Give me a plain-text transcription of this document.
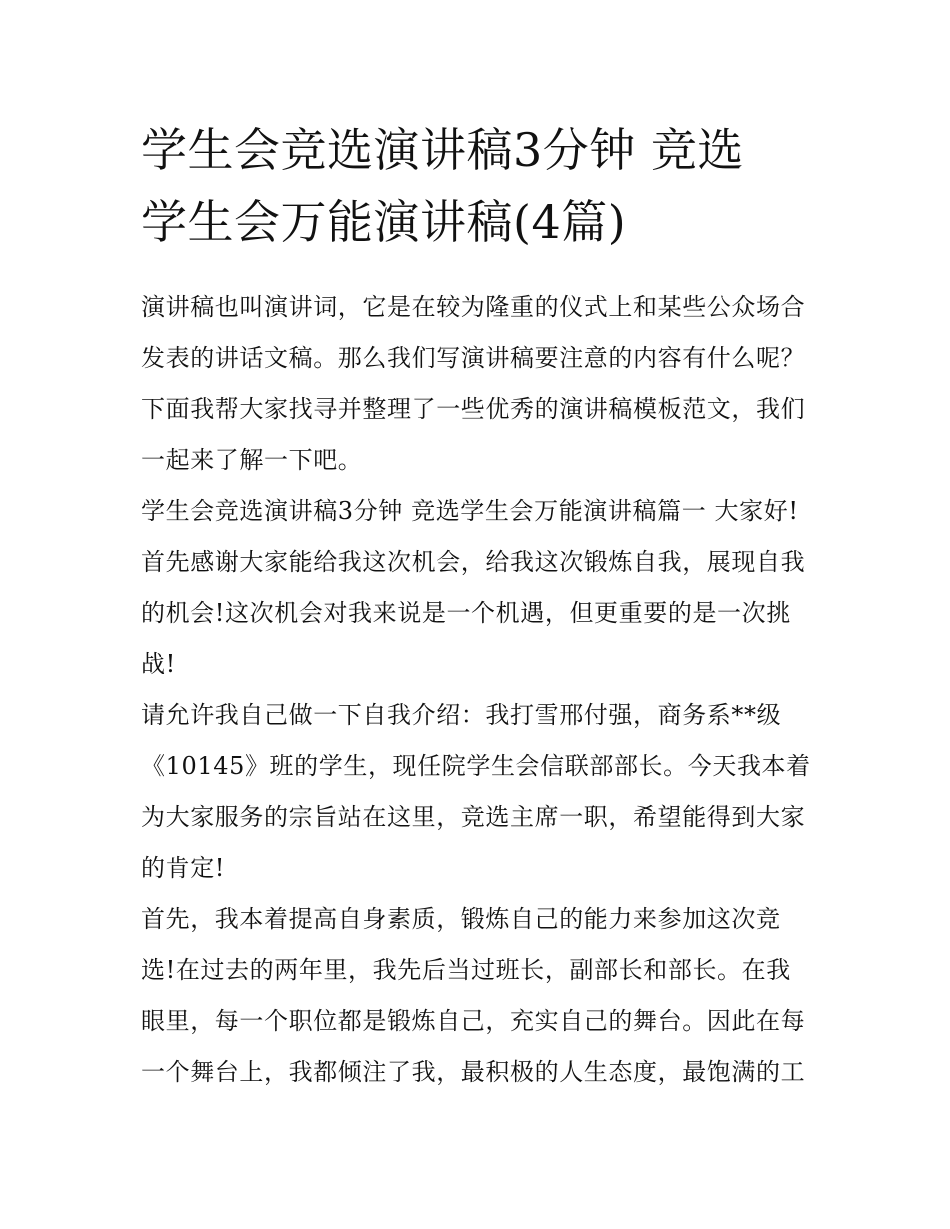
学生会竞选演讲稿3分钟 竞选
学生会万能演讲稿(4篇)
演讲稿也叫演讲词，它是在较为隆重的仪式上和某些公众场合
发表的讲话文稿。那么我们写演讲稿要注意的内容有什么呢？
下面我帮大家找寻并整理了一些优秀的演讲稿模板范文，我们
一起来了解一下吧。
学生会竞选演讲稿3分钟 竞选学生会万能演讲稿篇一 大家好!
首先感谢大家能给我这次机会，给我这次锻炼自我，展现自我
的机会!这次机会对我来说是一个机遇，但更重要的是一次挑
战!
请允许我自己做一下自我介绍：我打雪邢付强，商务系**级
《10145》班的学生，现任院学生会信联部部长。今天我本着
为大家服务的宗旨站在这里，竞选主席一职，希望能得到大家
的肯定!
首先，我本着提高自身素质，锻炼自己的能力来参加这次竞
选!在过去的两年里，我先后当过班长，副部长和部长。在我
眼里，每一个职位都是锻炼自己，充实自己的舞台。因此在每
一个舞台上，我都倾注了我，最积极的人生态度，最饱满的工
